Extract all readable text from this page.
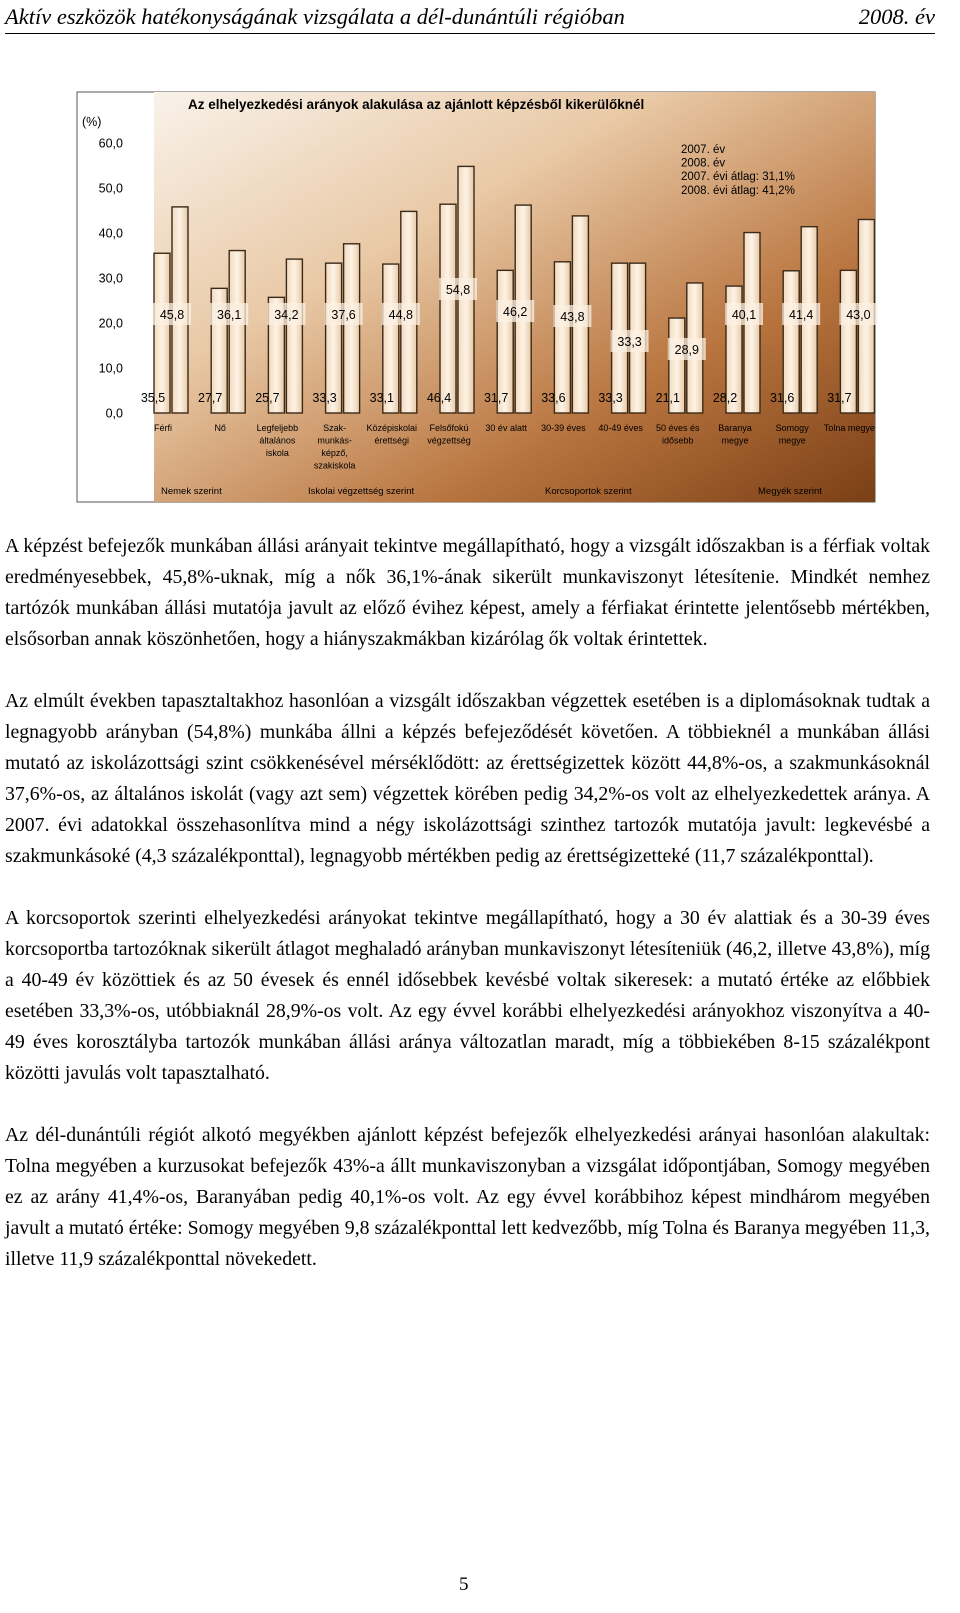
Aktív eszközök hatékonyságának vizsgálata a dél-dunántúli régióban	2008. év
Az elhelyezkedési arányok alakulása az ajánlott képzésből kikerülőknél
(%)
0,0
10,0
20,0
30,0
40,0
50,0
60,0
45,8
35,5
36,1
27,7
34,2
25,7
37,6
33,3
44,8
33,1
54,8
46,4
46,2
31,7
43,8
33,6
33,3
33,3
28,9
21,1
40,1
28,2
41,4
31,6
43,0
31,7
2007. év
2008. év
2007. évi átlag: 31,1%
2008. évi átlag: 41,2%
Férfi	Nő	Legfeljebb
általános
iskola
Szak-
munkás-
képző,
szakiskola
Középiskolai
érettségi
Felsőfokú
végzettség
30 év alatt 30-39 éves 40-49 éves 50 éves és
idősebb
Baranya
megye
Somogy
megye
Tolna megye
Nemek szerint	Iskolai végzettség szerint	Korcsoportok szerint	Megyék szerint

A képzést befejezők munkában állási arányait tekintve megállapítható, hogy a vizsgált időszakban is a férfiak voltak eredményesebbek, 45,8%-uknak, míg a nők 36,1%-ának sikerült munkaviszonyt létesítenie. Mindkét nemhez tartózók munkában állási mutatója javult az előző évihez képest, amely a férfiakat érintette jelentősebb mértékben, elsősorban annak köszönhetően, hogy a hiányszakmákban kizárólag ők voltak érintettek.

Az elmúlt években tapasztaltakhoz hasonlóan a vizsgált időszakban végzettek esetében is a diplomásoknak tudtak a legnagyobb arányban (54,8%) munkába állni a képzés befejeződését követően. A többieknél a munkában állási mutató az iskolázottsági szint csökkenésével mérséklődött: az érettségizettek között 44,8%-os, a szakmunkásoknál 37,6%-os, az általános iskolát (vagy azt sem) végzettek körében pedig 34,2%-os volt az elhelyezkedettek aránya. A 2007. évi adatokkal összehasonlítva mind a négy iskolázottsági szinthez tartozók mutatója javult: legkevésbé a szakmunkásoké (4,3 százalékponttal), legnagyobb mértékben pedig az érettségizetteké (11,7 százalékponttal).

A korcsoportok szerinti elhelyezkedési arányokat tekintve megállapítható, hogy a 30 év alattiak és a 30-39 éves korcsoportba tartozóknak sikerült átlagot meghaladó arányban munkaviszonyt létesíteniük (46,2, illetve 43,8%), míg a 40-49 év közöttiek és az 50 évesek és ennél idősebbek kevésbé voltak sikeresek: a mutató értéke az előbbiek esetében 33,3%-os, utóbbiaknál 28,9%-os volt. Az egy évvel korábbi elhelyezkedési arányokhoz viszonyítva a 40-49 éves korosztályba tartozók munkában állási aránya változatlan maradt, míg a többiekében 8-15 százalékpont közötti javulás volt tapasztalható.

Az dél-dunántúli régiót alkotó megyékben ajánlott képzést befejezők elhelyezkedési arányai hasonlóan alakultak: Tolna megyében a kurzusokat befejezők 43%-a állt munkaviszonyban a vizsgálat időpontjában, Somogy megyében ez az arány 41,4%-os, Baranyában pedig 40,1%-os volt. Az egy évvel korábbihoz képest mindhárom megyében javult a mutató értéke: Somogy megyében 9,8 százalékponttal lett kedvezőbb, míg Tolna és Baranya megyében 11,3, illetve 11,9 százalékponttal növekedett.

5
